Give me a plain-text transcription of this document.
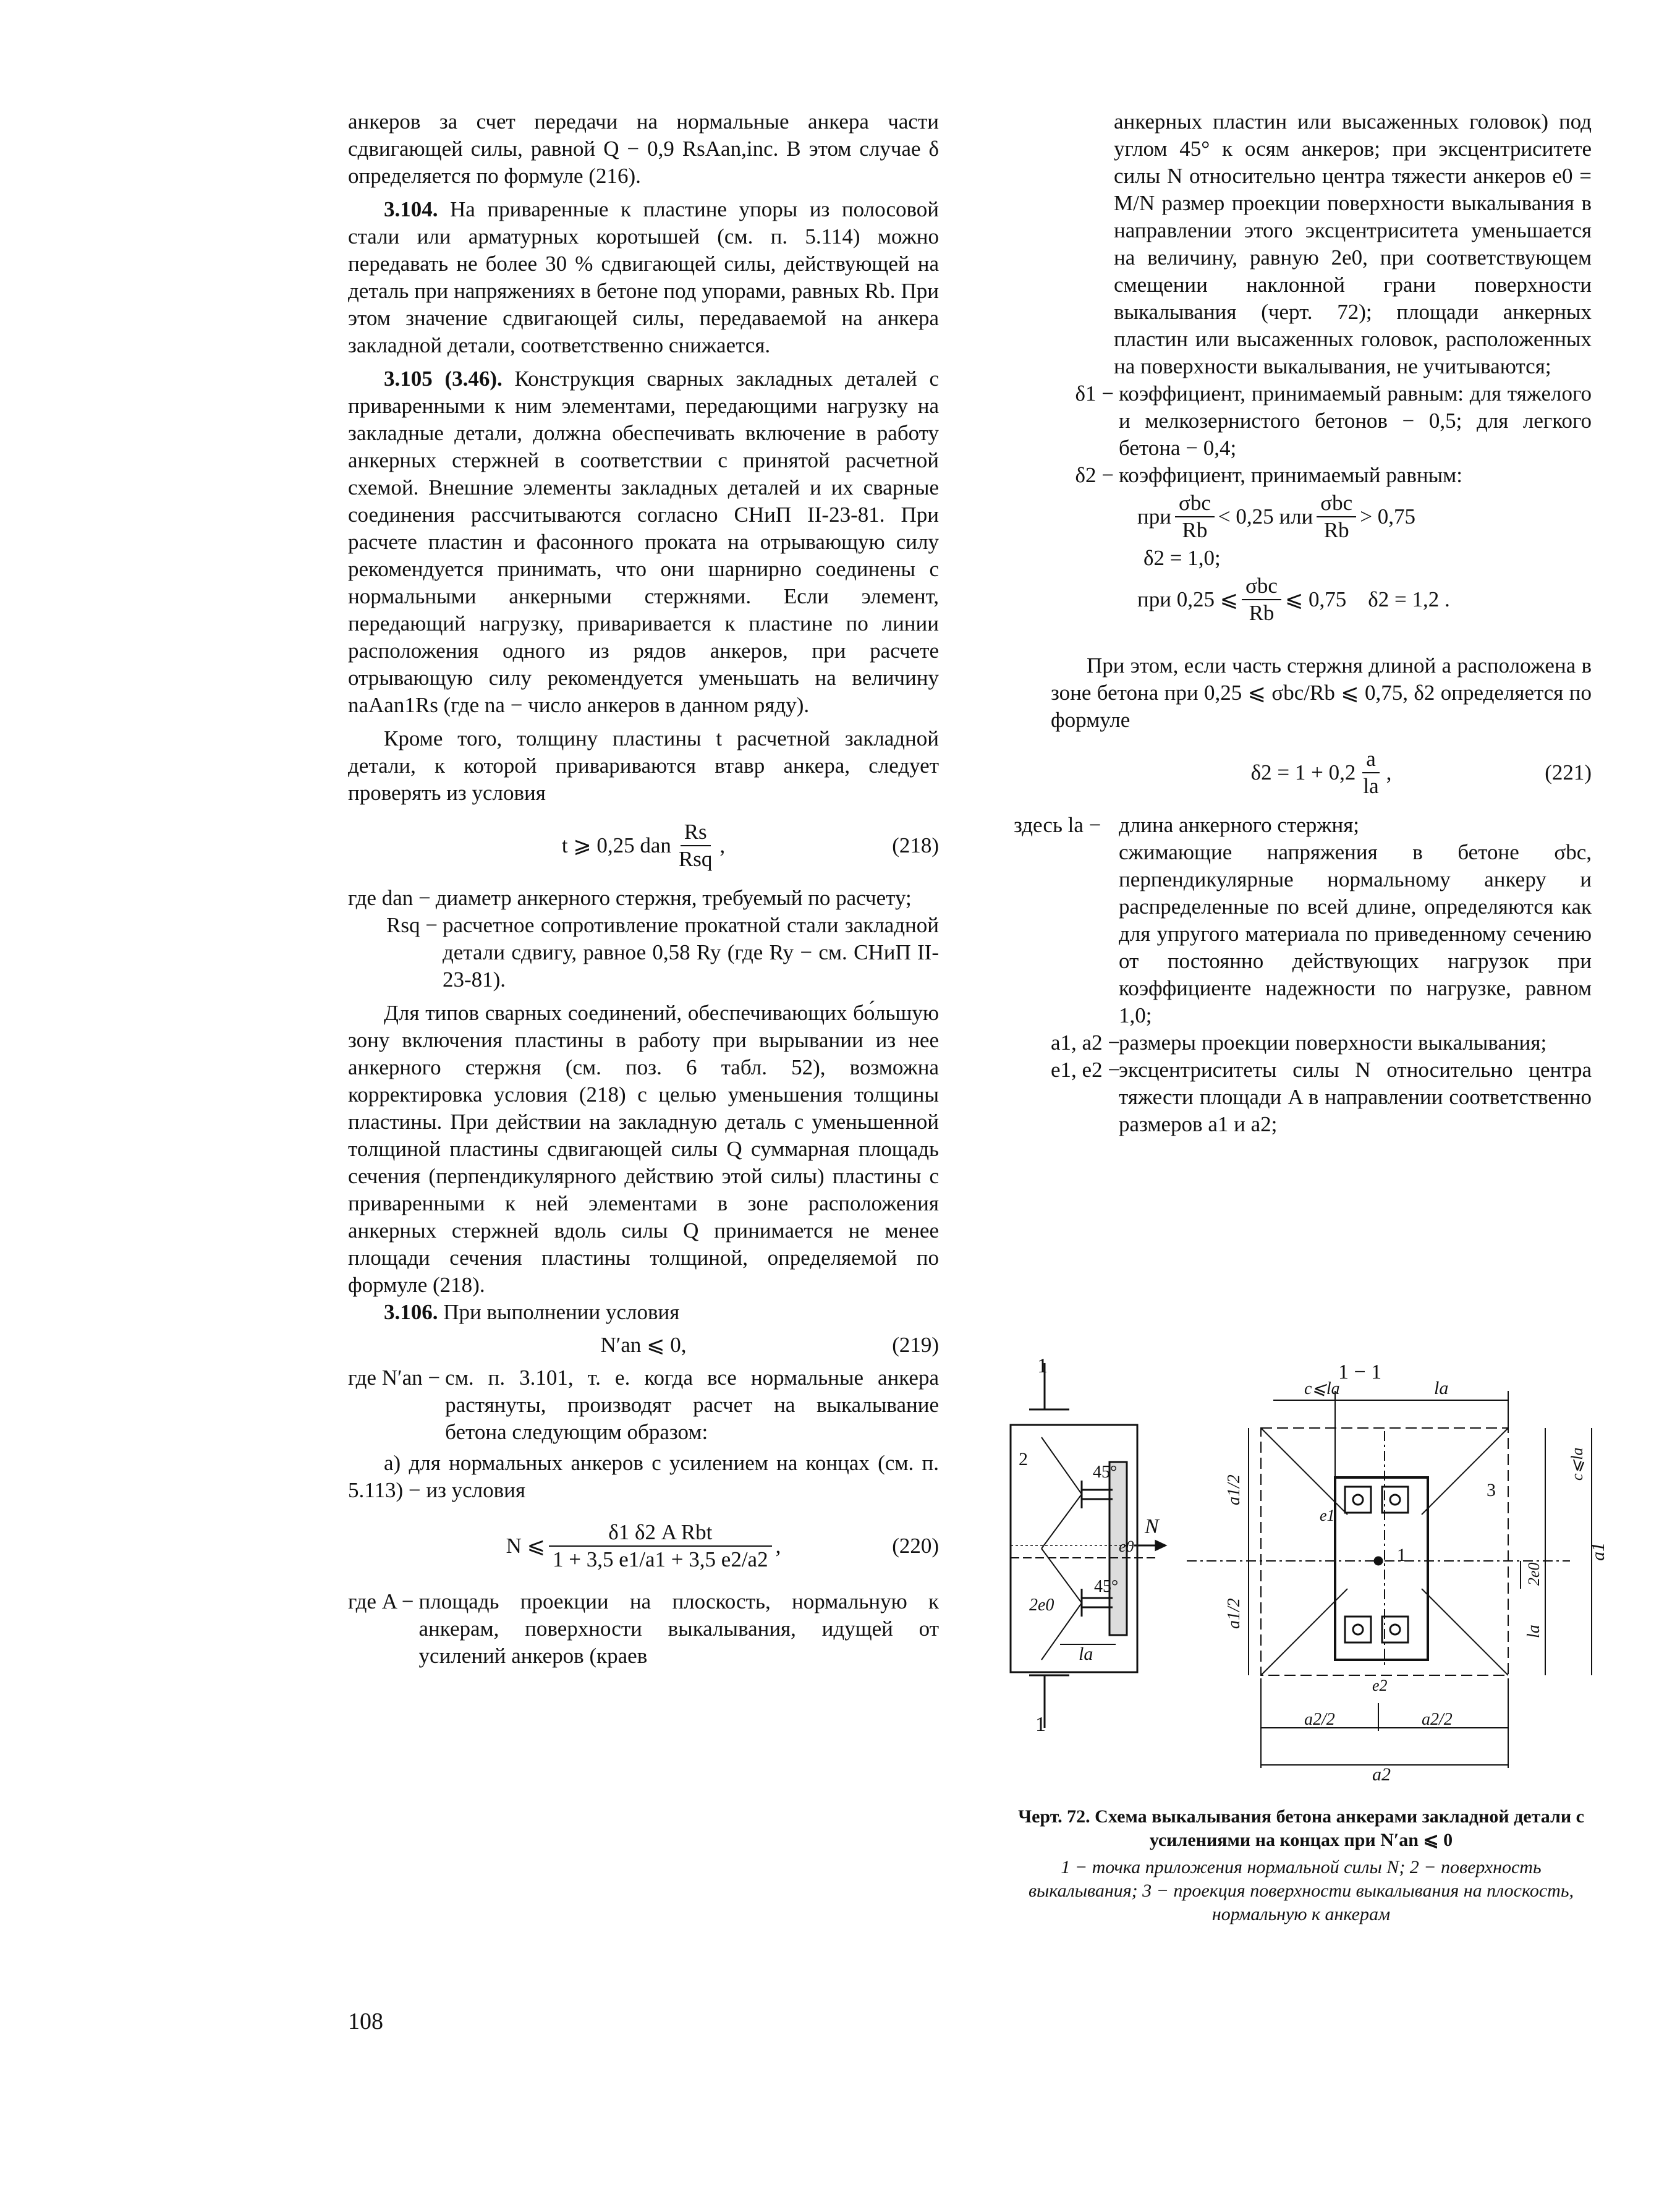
анкеров за счет передачи на нормальные анкера части сдвигающей силы, равной Q − 0,9 RsAan,inc. В этом случае δ определяется по формуле (216).

3.104. На приваренные к пластине упоры из полосовой стали или арматурных коротышей (см. п. 5.114) можно передавать не более 30 % сдвигающей силы, действующей на деталь при напряжениях в бетоне под упорами, равных Rb. При этом значение сдвигающей силы, передаваемой на анкера закладной детали, соответственно снижается.

3.105 (3.46). Конструкция сварных закладных деталей с приваренными к ним элементами, передающими нагрузку на закладные детали, должна обеспечивать включение в работу анкерных стержней в соответствии с принятой расчетной схемой. Внешние элементы закладных деталей и их сварные соединения рассчитываются согласно СНиП II-23-81. При расчете пластин и фасонного проката на отрывающую силу рекомендуется принимать, что они шарнирно соединены с нормальными анкерными стержнями. Если элемент, передающий нагрузку, приваривается к пластине по линии расположения одного из рядов анкеров, при расчете отрывающую силу рекомендуется уменьшать на величину naAan1Rs (где na − число анкеров в данном ряду).

Кроме того, толщину пластины t расчетной закладной детали, к которой привариваются втавр анкера, следует проверять из условия

t ⩾ 0,25 dan
Rs
Rsq
,	(218)
где dan − диаметр анкерного стержня, требуемый по расчету;
Rsq − расчетное сопротивление прокатной стали закладной детали сдвигу, равное 0,58 Ry (где Ry − см. СНиП II-23-81).

Для типов сварных соединений, обеспечивающих бо́льшую зону включения пластины в работу при вырывании из нее анкерного стержня (см. поз. 6 табл. 52), возможна корректировка условия (218) с целью уменьшения толщины пластины. При действии на закладную деталь с уменьшенной толщиной пластины сдвигающей силы Q суммарная площадь сечения (перпендикулярного действию этой силы) пластины с приваренными к ней элементами в зоне расположения анкерных стержней вдоль силы Q принимается не менее площади сечения пластины толщиной, определяемой по формуле (218).

3.106. При выполнении условия

N′an ⩽ 0,	(219)
где N′an − см. п. 3.101, т. е. когда все нормальные анкера растянуты, производят расчет на выкалывание бетона следующим образом:

а) для нормальных анкеров с усилением на концах (см. п. 5.113) − из условия

N ⩽
δ1 δ2 A Rbt
1 + 3,5 e1/a1 + 3,5 e2/a2
,	(220)
где A − площадь проекции на плоскость, нормальную к анкерам, поверхности выкалывания, идущей от усилений анкеров (краев

анкерных пластин или высаженных головок) под углом 45° к осям анкеров; при эксцентриситете силы N относительно центра тяжести анкеров e0 = M/N размер проекции поверхности выкалывания в направлении этого эксцентриситета уменьшается на величину, равную 2e0, при соответствующем смещении наклонной грани поверхности выкалывания (черт. 72); площади анкерных пластин или высаженных головок, расположенных на поверхности выкалывания, не учитываются;

δ1 − коэффициент, принимаемый равным: для тяжелого и мелкозернистого бетонов − 0,5; для легкого бетона − 0,4;
δ2 − коэффициент, принимаемый равным:
при
σbc
Rb
< 0,25 или
σbc
Rb
> 0,75

δ2 = 1,0;

при 0,25 ⩽
σbc
Rb
⩽ 0,75    δ2 = 1,2 .

При этом, если часть стержня длиной a расположена в зоне бетона при 0,25 ⩽ σbc/Rb ⩽ 0,75, δ2 определяется по формуле

$\delta 2 = 1 + 0,2 \frac{a}{la}$ ,	(221)
здесь la − длина анкерного стержня;

сжимающие напряжения в бетоне σbc, перпендикулярные нормальному анкеру и распределенные по всей длине, определяются как для упругого материала по приведенному сечению от постоянно действующих нагрузок при коэффициенте надежности по нагрузке, равном 1,0;

a1, a2 −
размеры проекции поверхности выкалывания;
e1, e2 −
эксцентриситеты силы N относительно центра тяжести площади A в направлении соответственно размеров a1 и a2;
1
1
N
45°
45°
2
e0
2e0
la
1 − 1
1
3
e1
e2
c⩽la	la
a1/2
a1/2
2e0
la
c⩽la
a1
a2/2	a2/2
a2

Черт. 72. Схема выкалывания бетона анкерами закладной детали с усилениями на концах при N′an ⩽ 0

1 − точка приложения нормальной силы N; 2 − поверхность выкалывания; 3 − проекция поверхности выкалывания на плоскость, нормальную к анкерам

108
